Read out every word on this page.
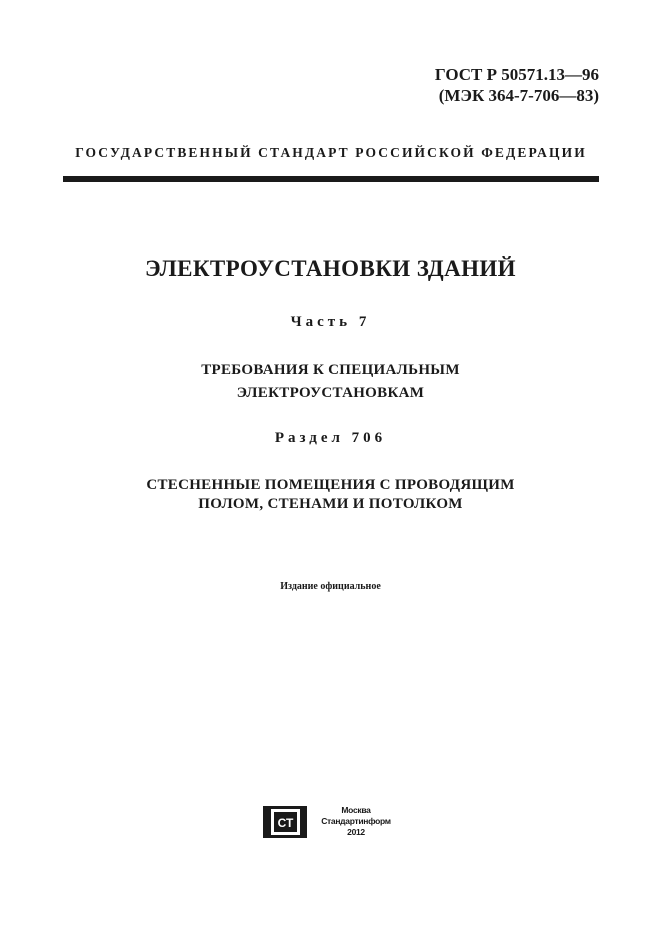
ГОСТ Р 50571.13—96
(МЭК 364-7-706—83)
ГОСУДАРСТВЕННЫЙ СТАНДАРТ РОССИЙСКОЙ ФЕДЕРАЦИИ
ЭЛЕКТРОУСТАНОВКИ ЗДАНИЙ
Часть 7
ТРЕБОВАНИЯ К СПЕЦИАЛЬНЫМ
ЭЛЕКТРОУСТАНОВКАМ
Раздел 706
СТЕСНЕННЫЕ ПОМЕЩЕНИЯ С ПРОВОДЯЩИМ
ПОЛОМ, СТЕНАМИ И ПОТОЛКОМ
Издание официальное
СТ
Москва
Стандартинформ
2012
